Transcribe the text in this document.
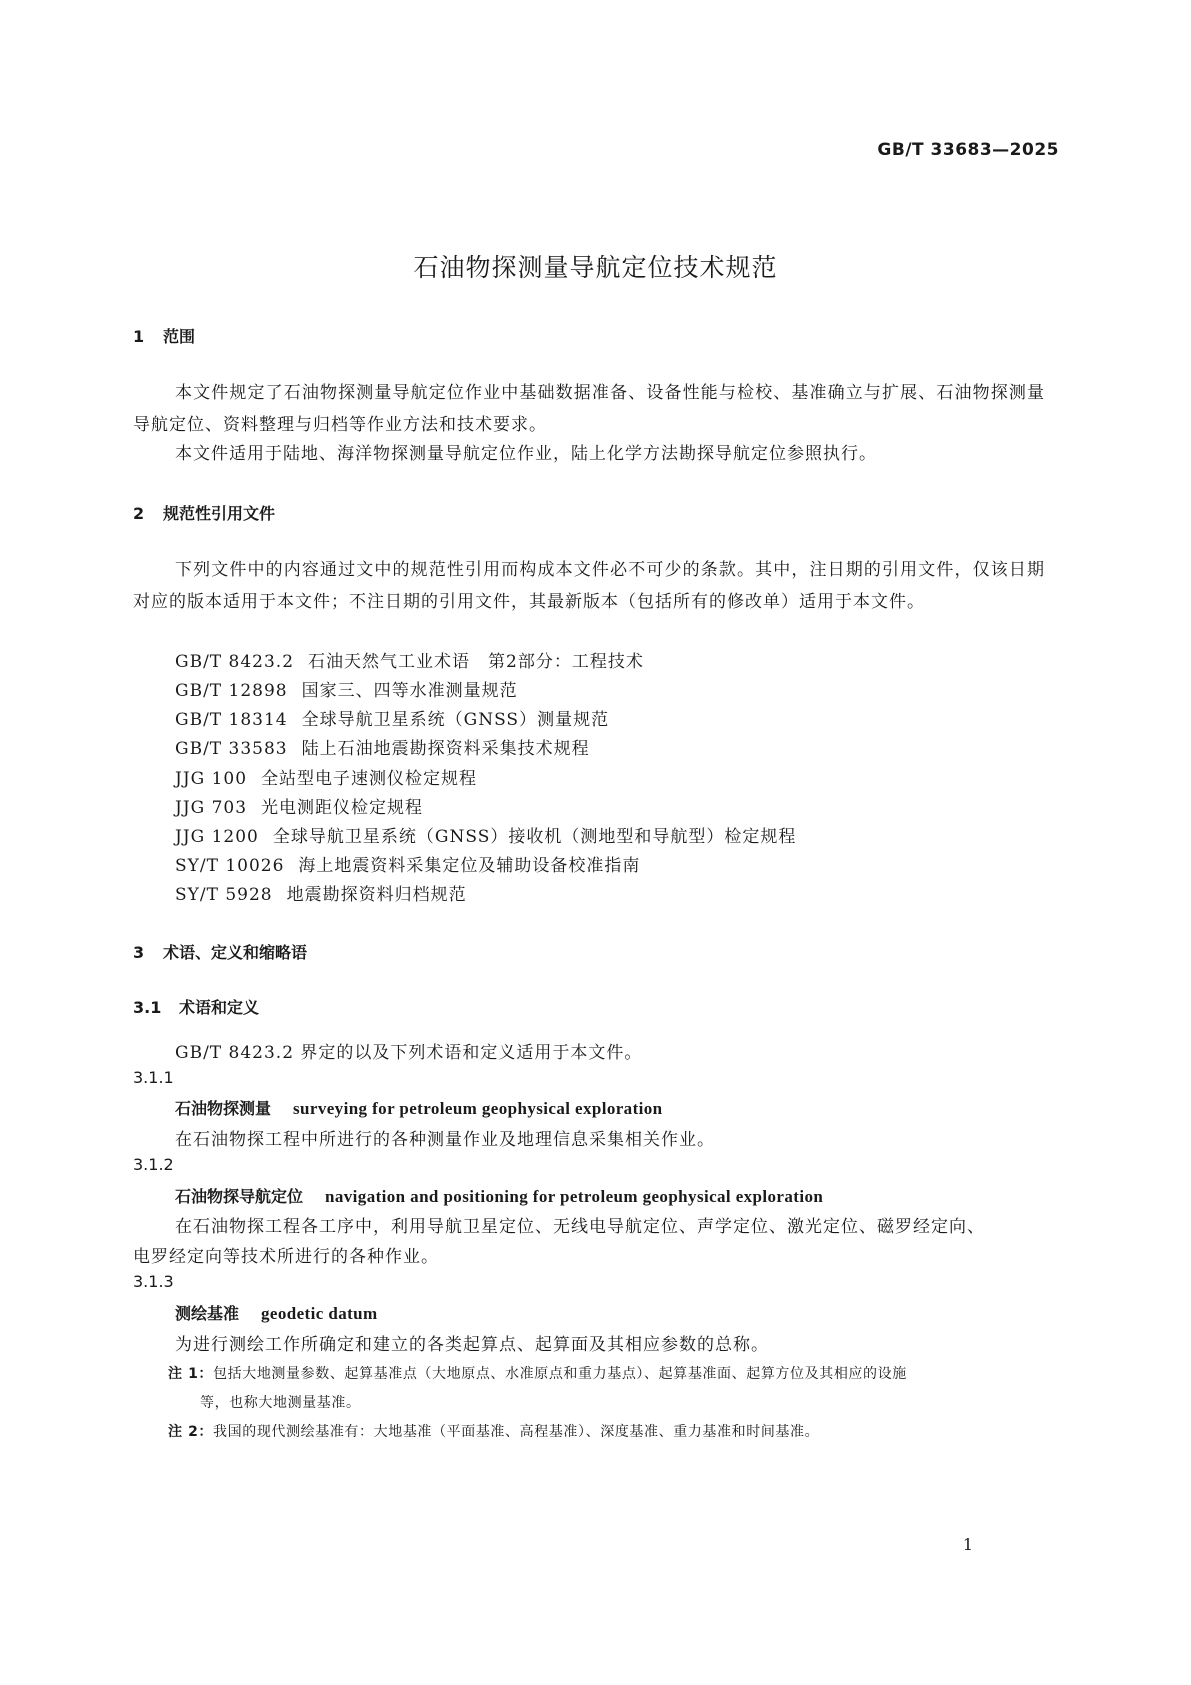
GB/T 33683—2025
石油物探测量导航定位技术规范
1 范围
本文件规定了石油物探测量导航定位作业中基础数据准备、设备性能与检校、基准确立与扩展、石油物探测量导航定位、资料整理与归档等作业方法和技术要求。
本文件适用于陆地、海洋物探测量导航定位作业，陆上化学方法勘探导航定位参照执行。
2 规范性引用文件
下列文件中的内容通过文中的规范性引用而构成本文件必不可少的条款。其中，注日期的引用文件，仅该日期对应的版本适用于本文件；不注日期的引用文件，其最新版本（包括所有的修改单）适用于本文件。
GB/T 8423.2 石油天然气工业术语　第2部分：工程技术
GB/T 12898 国家三、四等水准测量规范
GB/T 18314 全球导航卫星系统（GNSS）测量规范
GB/T 33583 陆上石油地震勘探资料采集技术规程
JJG 100 全站型电子速测仪检定规程
JJG 703 光电测距仪检定规程
JJG 1200 全球导航卫星系统（GNSS）接收机（测地型和导航型）检定规程
SY/T 10026 海上地震资料采集定位及辅助设备校准指南
SY/T 5928 地震勘探资料归档规范
3 术语、定义和缩略语
3.1 术语和定义
GB/T 8423.2 界定的以及下列术语和定义适用于本文件。
3.1.1
石油物探测量 surveying for petroleum geophysical exploration
在石油物探工程中所进行的各种测量作业及地理信息采集相关作业。
3.1.2
石油物探导航定位 navigation and positioning for petroleum geophysical exploration
在石油物探工程各工序中，利用导航卫星定位、无线电导航定位、声学定位、激光定位、磁罗经定向、
电罗经定向等技术所进行的各种作业。
3.1.3
测绘基准 geodetic datum
为进行测绘工作所确定和建立的各类起算点、起算面及其相应参数的总称。
注 1：包括大地测量参数、起算基准点（大地原点、水准原点和重力基点）、起算基准面、起算方位及其相应的设施
等，也称大地测量基准。
注 2：我国的现代测绘基准有：大地基准（平面基准、高程基准）、深度基准、重力基准和时间基准。
1
